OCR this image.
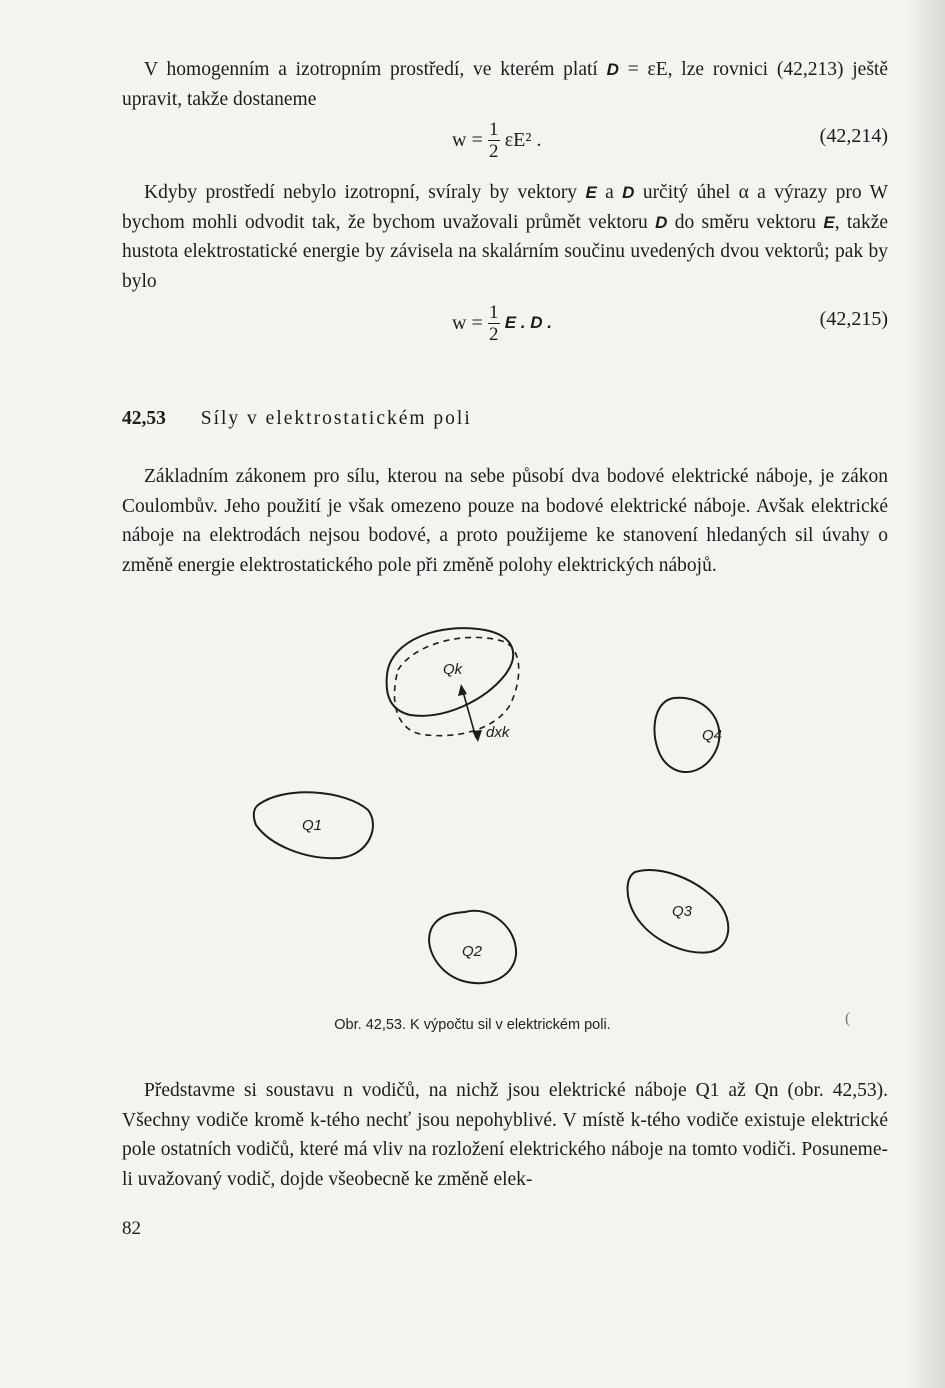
V homogenním a izotropním prostředí, ve kterém platí D = εE, lze rovnici (42,213) ještě upravit, takže dostaneme

$w = \frac{1}{2} \varepsilon E^2$ .	(42,214)

Kdyby prostředí nebylo izotropní, svíraly by vektory E a D určitý úhel α a výrazy pro W bychom mohli odvodit tak, že bychom uvažovali průmět vektoru D do směru vektoru E, takže hustota elektrostatické energie by závisela na skalárním součinu uvedených dvou vektorů; pak by bylo

$w = \frac{1}{2}$ E . D .	(42,215)
42,53 Síly v elektrostatickém poli

Základním zákonem pro sílu, kterou na sebe působí dva bodové elektrické náboje, je zákon Coulombův. Jeho použití je však omezeno pouze na bodové elektrické náboje. Avšak elektrické náboje na elektrodách nejsou bodové, a proto použijeme ke stanovení hledaných sil úvahy o změně energie elektrostatického pole při změně polohy elektrických nábojů.

Qk
dxk	Q4
Q1
Q2
Q3
Obr. 42,53. K výpočtu sil v elektrickém poli.	(

Představme si soustavu n vodičů, na nichž jsou elektrické náboje Q1 až Qn (obr. 42,53). Všechny vodiče kromě k-tého nechť jsou nepohyblivé. V místě k-tého vodiče existuje elektrické pole ostatních vodičů, které má vliv na rozložení elektrického náboje na tomto vodiči. Posuneme-li uvažovaný vodič, dojde všeobecně ke změně elek-

82
